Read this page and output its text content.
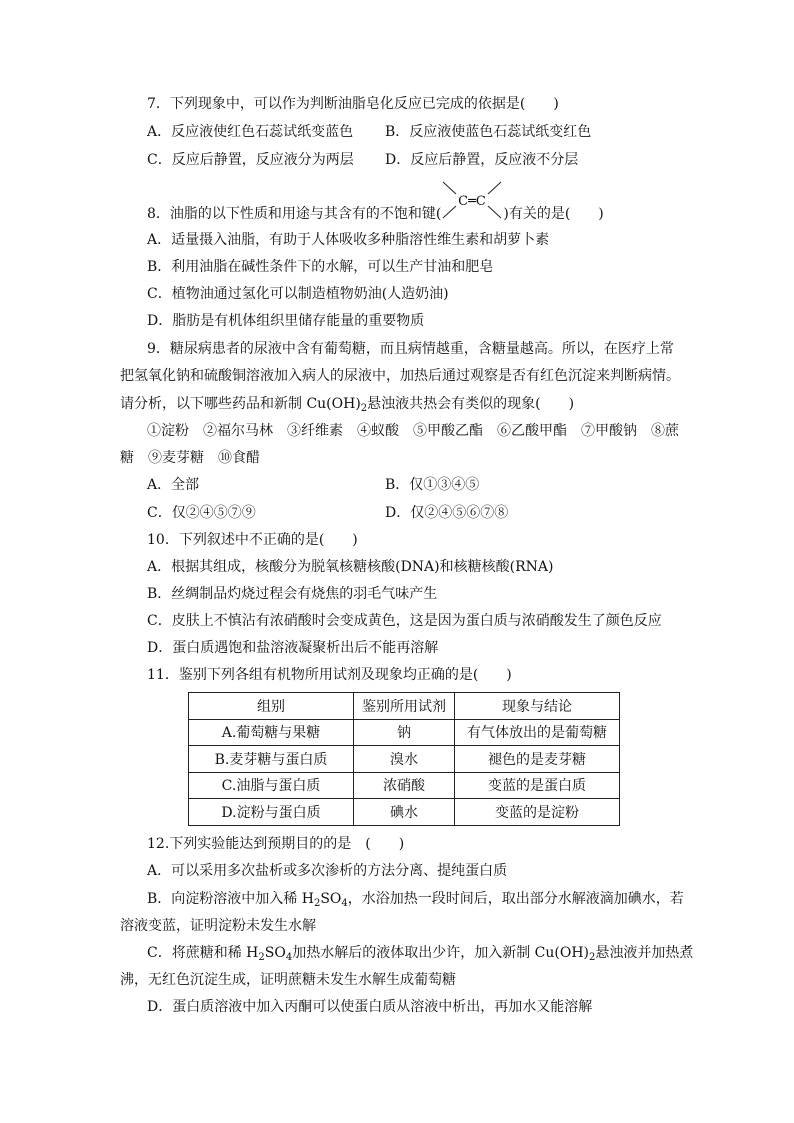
7．下列现象中，可以作为判断油脂皂化反应已完成的依据是(　　)
A．反应液使红色石蕊试纸变蓝色 B．反应液使蓝色石蕊试纸变红色
C．反应后静置，反应液分为两层 D．反应后静置，反应液不分层
8．油脂的以下性质和用途与其含有的不饱和键(
C═C
)有关的是(　　)
A．适量摄入油脂，有助于人体吸收多种脂溶性维生素和胡萝卜素
B．利用油脂在碱性条件下的水解，可以生产甘油和肥皂
C．植物油通过氢化可以制造植物奶油(人造奶油)
D．脂肪是有机体组织里储存能量的重要物质
9．糖尿病患者的尿液中含有葡萄糖，而且病情越重，含糖量越高。所以，在医疗上常
把氢氧化钠和硫酸铜溶液加入病人的尿液中，加热后通过观察是否有红色沉淀来判断病情。
请分析，以下哪些药品和新制 $Cu(OH)_2$悬浊液共热会有类似的现象(　　)
①淀粉　②福尔马林　③纤维素　④蚁酸　⑤甲酸乙酯　⑥乙酸甲酯　⑦甲酸钠　⑧蔗
糖　⑨麦芽糖　⑩食醋
A．全部	B．仅①③④⑤
C．仅②④⑤⑦⑨	D．仅②④⑤⑥⑦⑧
10．下列叙述中不正确的是(　　)
A．根据其组成，核酸分为脱氧核糖核酸(DNA)和核糖核酸(RNA)
B．丝绸制品灼烧过程会有烧焦的羽毛气味产生
C．皮肤上不慎沾有浓硝酸时会变成黄色，这是因为蛋白质与浓硝酸发生了颜色反应
D．蛋白质遇饱和盐溶液凝聚析出后不能再溶解
11．鉴别下列各组有机物所用试剂及现象均正确的是(　　)
组别	鉴别所用试剂	现象与结论
A.葡萄糖与果糖	钠	有气体放出的是葡萄糖
B.麦芽糖与蛋白质	溴水	褪色的是麦芽糖
C.油脂与蛋白质	浓硝酸	变蓝的是蛋白质
D.淀粉与蛋白质	碘水	变蓝的是淀粉
12.下列实验能达到预期目的的是　(　　)
A．可以采用多次盐析或多次渗析的方法分离、提纯蛋白质
B．向淀粉溶液中加入稀 $H_2SO_4$，水浴加热一段时间后，取出部分水解液滴加碘水，若
溶液变蓝，证明淀粉未发生水解
C．将蔗糖和稀 $H_2SO_4$加热水解后的液体取出少许，加入新制 $Cu(OH)_2$悬浊液并加热煮
沸，无红色沉淀生成，证明蔗糖未发生水解生成葡萄糖
D．蛋白质溶液中加入丙酮可以使蛋白质从溶液中析出，再加水又能溶解
